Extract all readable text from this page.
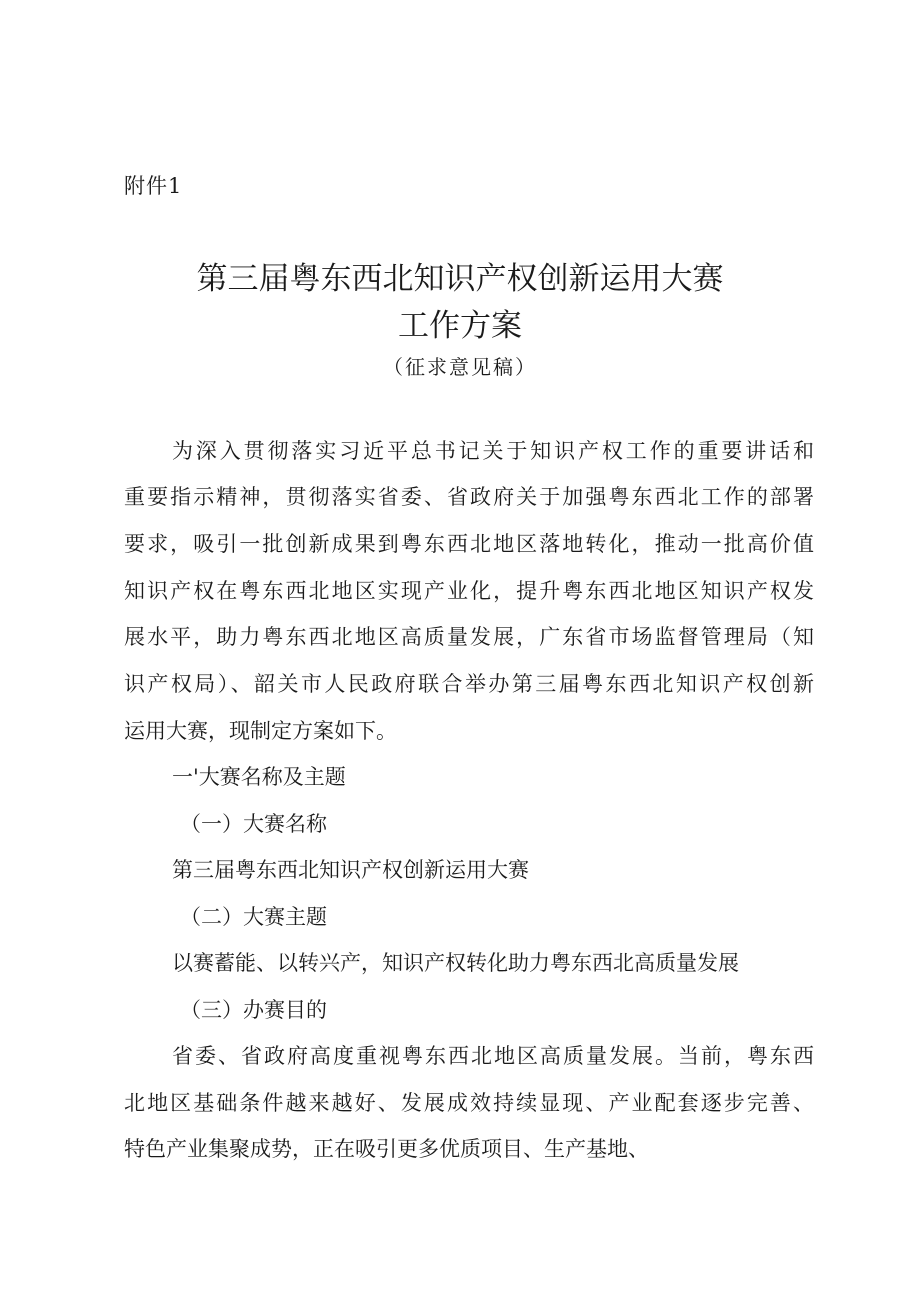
附件1
第三届粤东西北知识产权创新运用大赛
工作方案
（征求意见稿）
为深入贯彻落实习近平总书记关于知识产权工作的重要讲话和
重要指示精神，贯彻落实省委、省政府关于加强粤东西北工作的部署
要求，吸引一批创新成果到粤东西北地区落地转化，推动一批高价值
知识产权在粤东西北地区实现产业化，提升粤东西北地区知识产权发
展水平，助力粤东西北地区高质量发展，广东省市场监督管理局（知
识产权局）、韶关市人民政府联合举办第三届粤东西北知识产权创新
运用大赛，现制定方案如下。
一'大赛名称及主题
（一）大赛名称
第三届粤东西北知识产权创新运用大赛
（二）大赛主题
以赛蓄能、以转兴产，知识产权转化助力粤东西北高质量发展
（三）办赛目的
省委、省政府高度重视粤东西北地区高质量发展。当前，粤东西
北地区基础条件越来越好、发展成效持续显现、产业配套逐步完善、
特色产业集聚成势，正在吸引更多优质项目、生产基地、
